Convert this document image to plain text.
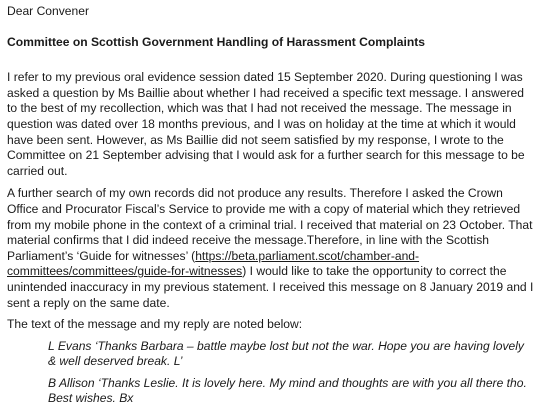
Dear Convener

Committee on Scottish Government Handling of Harassment Complaints

I refer to my previous oral evidence session dated 15 September 2020. During questioning I was asked a question by Ms Baillie about whether I had received a specific text message. I answered to the best of my recollection, which was that I had not received the message. The message in question was dated over 18 months previous, and I was on holiday at the time at which it would have been sent. However, as Ms Baillie did not seem satisfied by my response, I wrote to the Committee on 21 September advising that I would ask for a further search for this message to be carried out.

A further search of my own records did not produce any results. Therefore I asked the Crown Office and Procurator Fiscal’s Service to provide me with a copy of material which they retrieved from my mobile phone in the context of a criminal trial. I received that material on 23 October. That material confirms that I did indeed receive the message.Therefore, in line with the Scottish Parliament’s ‘Guide for witnesses’ (https://beta.parliament.scot/chamber-and-committees/committees/guide-for-witnesses) I would like to take the opportunity to correct the unintended inaccuracy in my previous statement. I received this message on 8 January 2019 and I sent a reply on the same date.

The text of the message and my reply are noted below:

L Evans ‘Thanks Barbara – battle maybe lost but not the war. Hope you are having lovely & well deserved break. L’

B Allison ‘Thanks Leslie. It is lovely here. My mind and thoughts are with you all there tho. Best wishes. Bx
